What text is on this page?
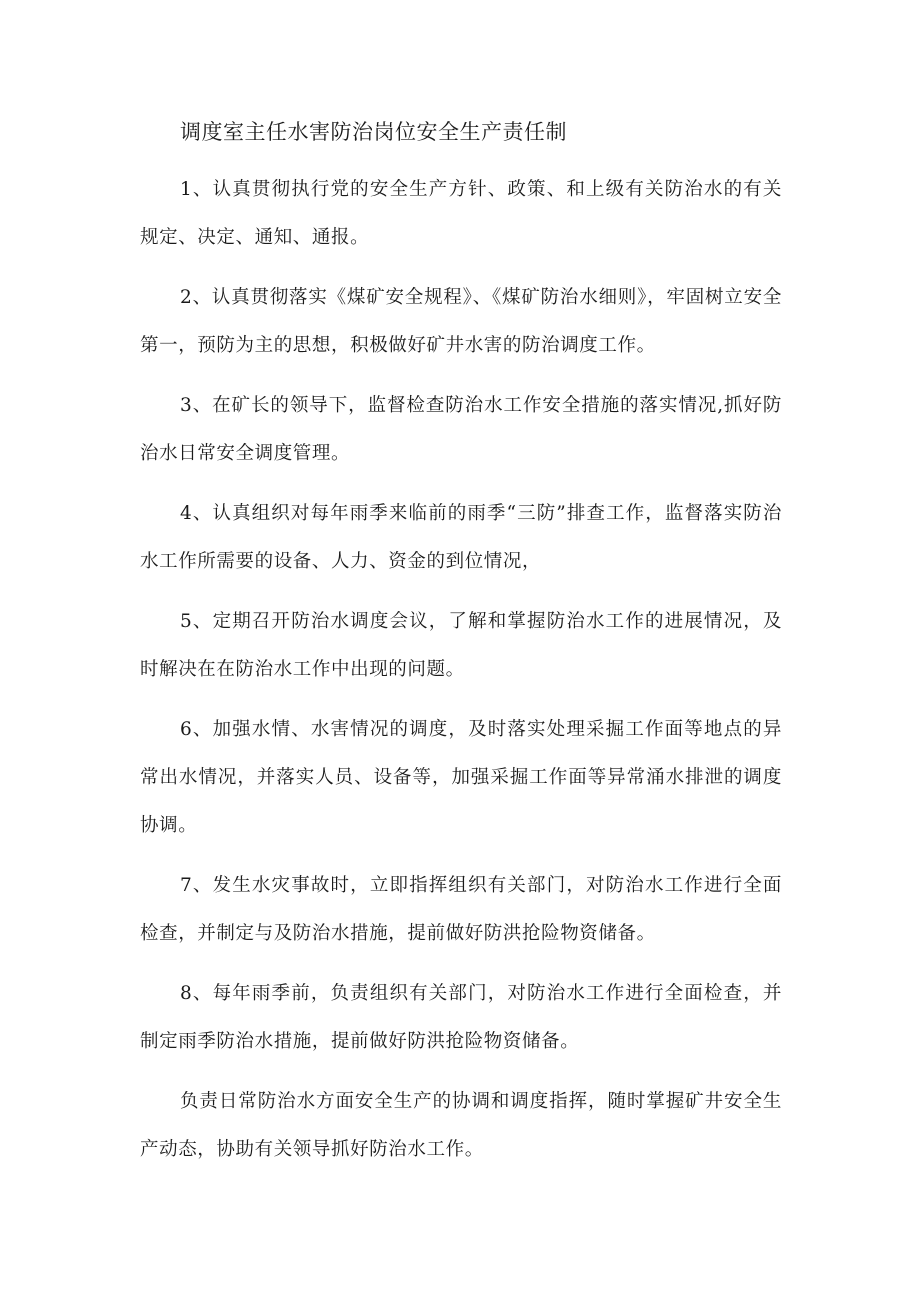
调度室主任水害防治岗位安全生产责任制

1、认真贯彻执行党的安全生产方针、政策、和上级有关防治水的有关规定、决定、通知、通报。

2、认真贯彻落实《煤矿安全规程》、《煤矿防治水细则》，牢固树立安全第一，预防为主的思想，积极做好矿井水害的防治调度工作。

3、在矿长的领导下，监督检查防治水工作安全措施的落实情况,抓好防治水日常安全调度管理。

4、认真组织对每年雨季来临前的雨季“三防”排查工作，监督落实防治水工作所需要的设备、人力、资金的到位情况，

5、定期召开防治水调度会议，了解和掌握防治水工作的进展情况，及时解决在在防治水工作中出现的问题。

6、加强水情、水害情况的调度，及时落实处理采掘工作面等地点的异常出水情况，并落实人员、设备等，加强采掘工作面等异常涌水排泄的调度协调。

7、发生水灾事故时，立即指挥组织有关部门，对防治水工作进行全面检查，并制定与及防治水措施，提前做好防洪抢险物资储备。

8、每年雨季前，负责组织有关部门，对防治水工作进行全面检查，并制定雨季防治水措施，提前做好防洪抢险物资储备。

负责日常防治水方面安全生产的协调和调度指挥，随时掌握矿井安全生产动态，协助有关领导抓好防治水工作。
